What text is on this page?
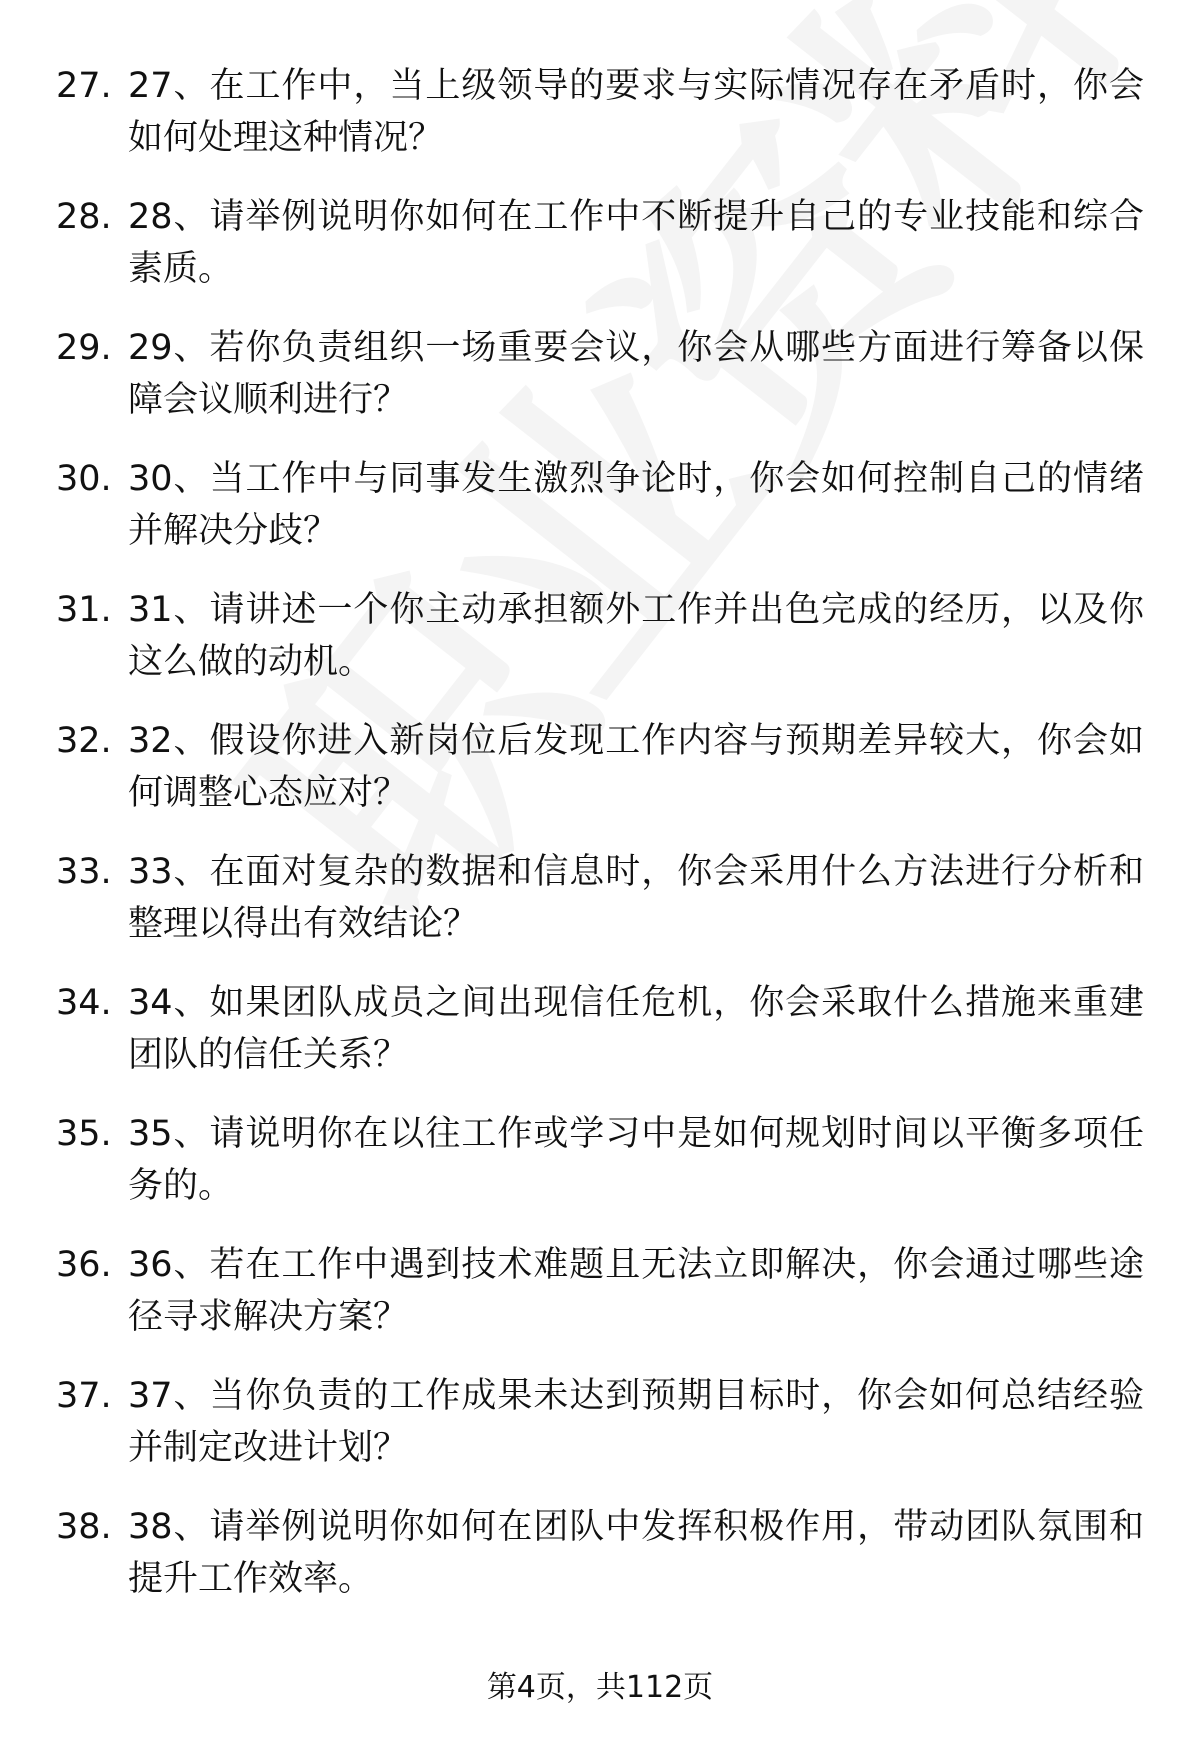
27. 27、在工作中，当上级领导的要求与实际情况存在矛盾时，你会如何处理这种情况？
28. 28、请举例说明你如何在工作中不断提升自己的专业技能和综合素质。
29. 29、若你负责组织一场重要会议，你会从哪些方面进行筹备以保障会议顺利进行？
30. 30、当工作中与同事发生激烈争论时，你会如何控制自己的情绪并解决分歧？
31. 31、请讲述一个你主动承担额外工作并出色完成的经历，以及你这么做的动机。
32. 32、假设你进入新岗位后发现工作内容与预期差异较大，你会如何调整心态应对？
33. 33、在面对复杂的数据和信息时，你会采用什么方法进行分析和整理以得出有效结论？
34. 34、如果团队成员之间出现信任危机，你会采取什么措施来重建团队的信任关系？
35. 35、请说明你在以往工作或学习中是如何规划时间以平衡多项任务的。
36. 36、若在工作中遇到技术难题且无法立即解决，你会通过哪些途径寻求解决方案？
37. 37、当你负责的工作成果未达到预期目标时，你会如何总结经验并制定改进计划？
38. 38、请举例说明你如何在团队中发挥积极作用，带动团队氛围和提升工作效率。
第4页，共112页
